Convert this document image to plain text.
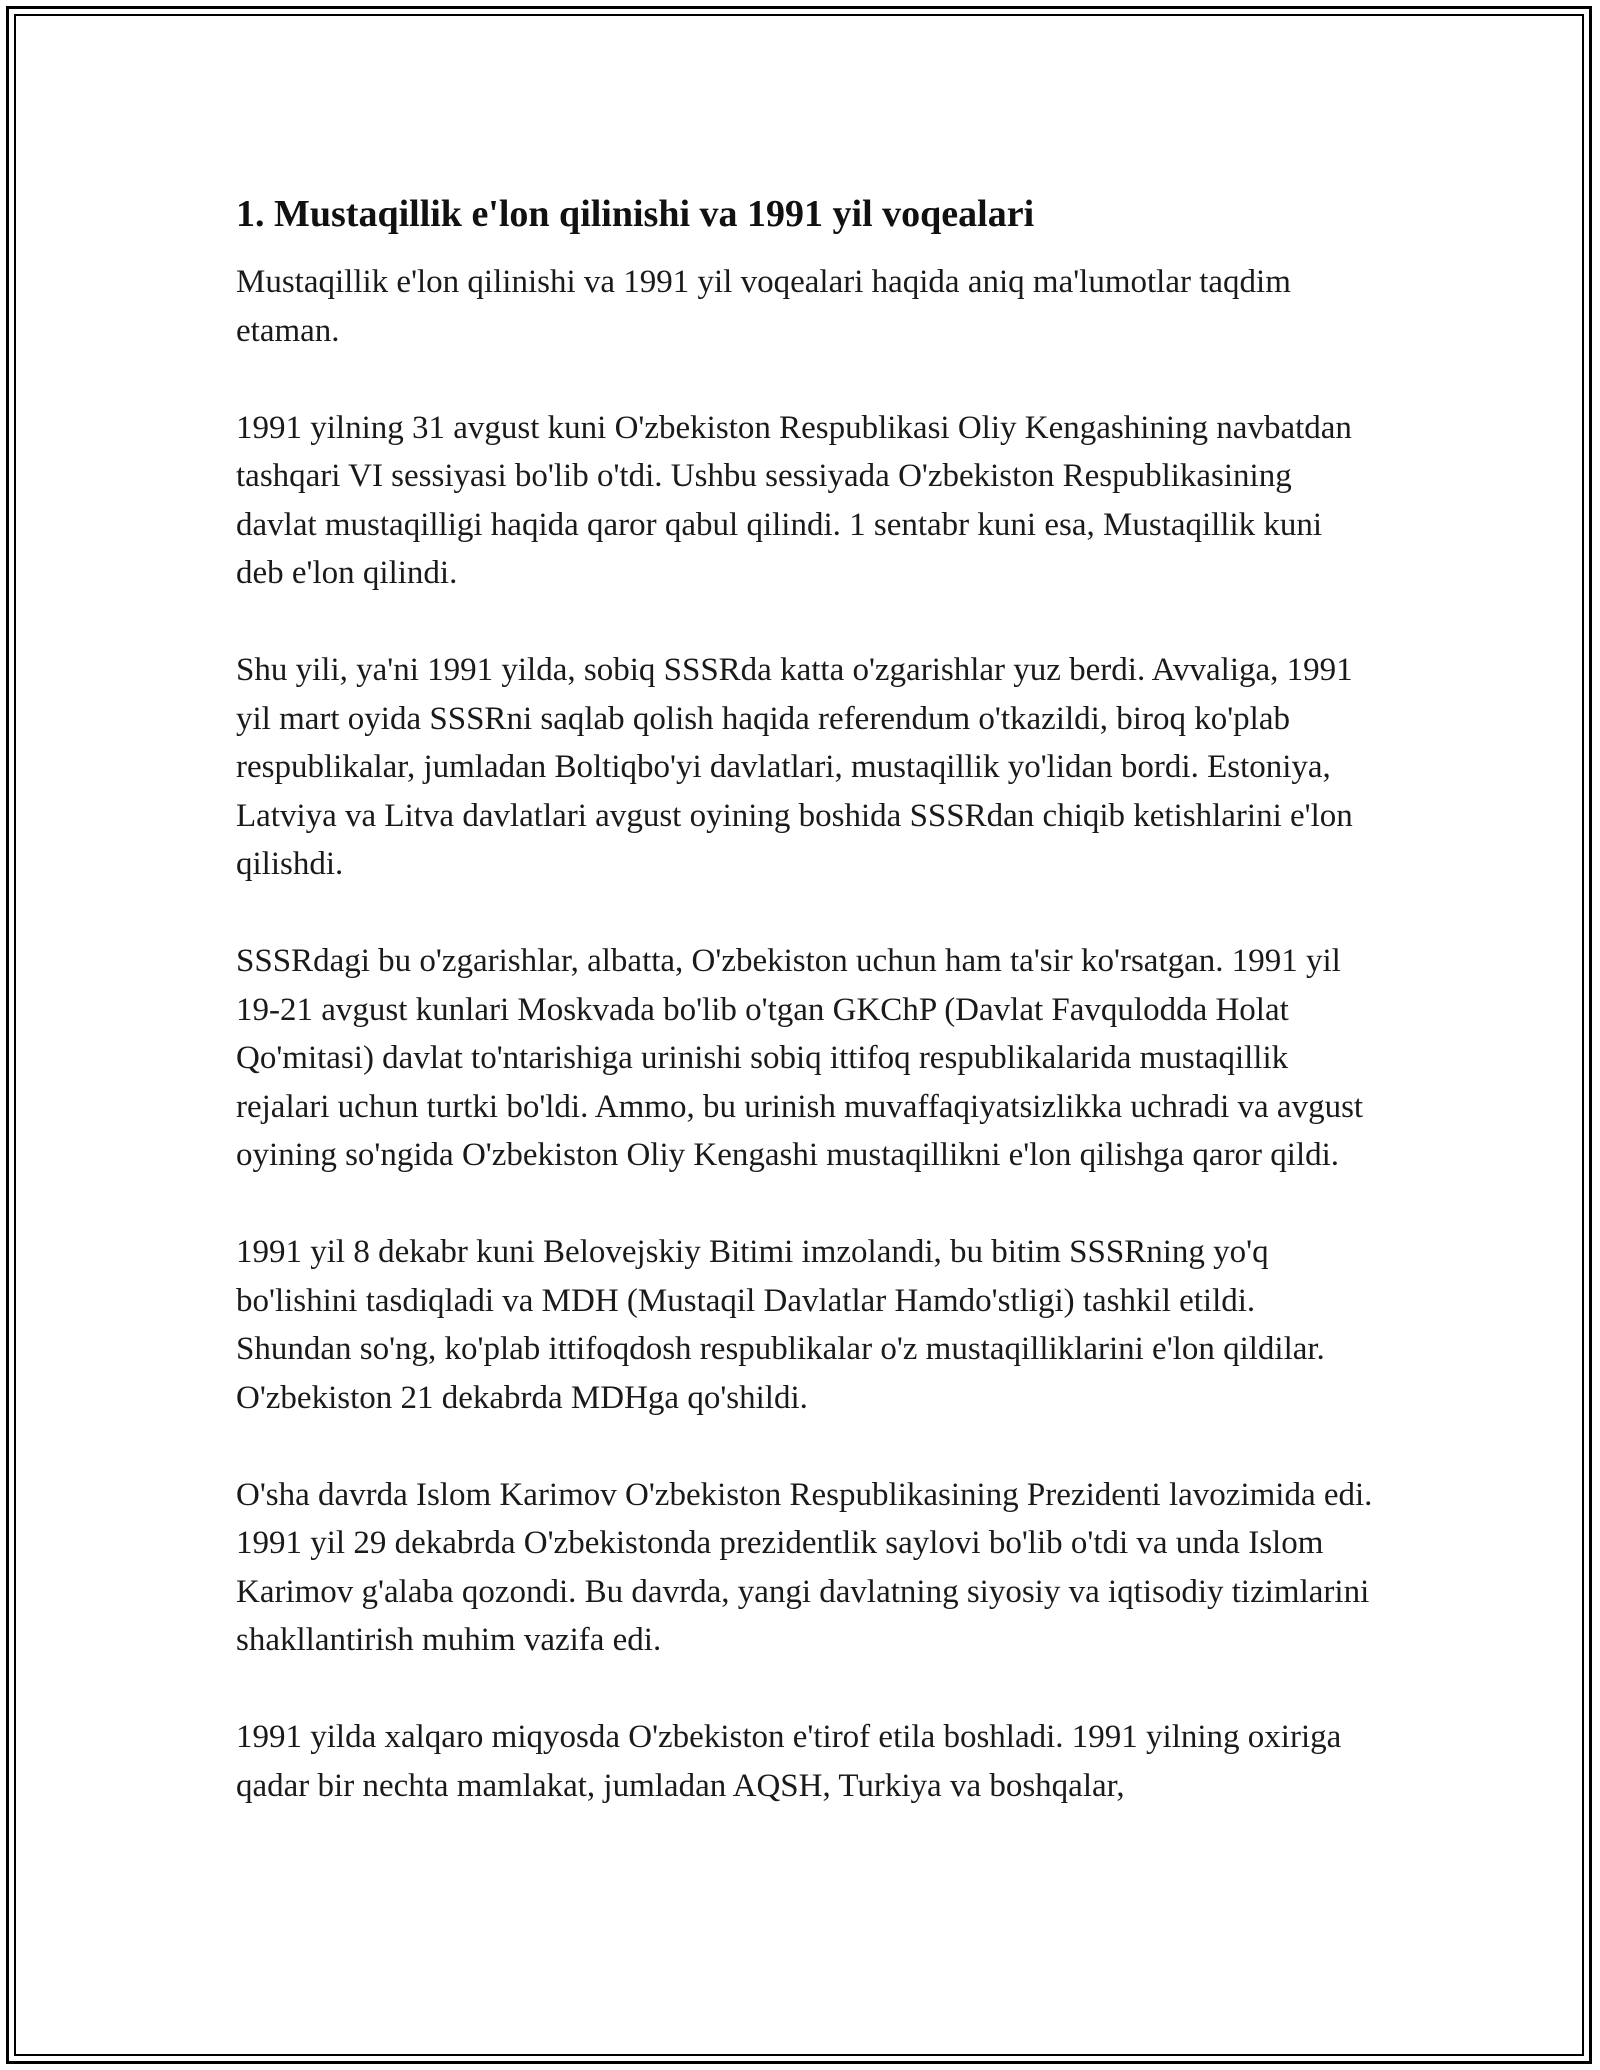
1. Mustaqillik e'lon qilinishi va 1991 yil voqealari

Mustaqillik e'lon qilinishi va 1991 yil voqealari haqida aniq ma'lumotlar taqdim etaman.

1991 yilning 31 avgust kuni O'zbekiston Respublikasi Oliy Kengashining navbatdan tashqari VI sessiyasi bo'lib o'tdi. Ushbu sessiyada O'zbekiston Respublikasining davlat mustaqilligi haqida qaror qabul qilindi. 1 sentabr kuni esa, Mustaqillik kuni deb e'lon qilindi.

Shu yili, ya'ni 1991 yilda, sobiq SSSRda katta o'zgarishlar yuz berdi. Avvaliga, 1991 yil mart oyida SSSRni saqlab qolish haqida referendum o'tkazildi, biroq ko'plab respublikalar, jumladan Boltiqbo'yi davlatlari, mustaqillik yo'lidan bordi. Estoniya, Latviya va Litva davlatlari avgust oyining boshida SSSRdan chiqib ketishlarini e'lon qilishdi.

SSSRdagi bu o'zgarishlar, albatta, O'zbekiston uchun ham ta'sir ko'rsatgan. 1991 yil 19-21 avgust kunlari Moskvada bo'lib o'tgan GKChP (Davlat Favqulodda Holat Qo'mitasi) davlat to'ntarishiga urinishi sobiq ittifoq respublikalarida mustaqillik rejalari uchun turtki bo'ldi. Ammo, bu urinish muvaffaqiyatsizlikka uchradi va avgust oyining so'ngida O'zbekiston Oliy Kengashi mustaqillikni e'lon qilishga qaror qildi.

1991 yil 8 dekabr kuni Belovejskiy Bitimi imzolandi, bu bitim SSSRning yo'q bo'lishini tasdiqladi va MDH (Mustaqil Davlatlar Hamdo'stligi) tashkil etildi. Shundan so'ng, ko'plab ittifoqdosh respublikalar o'z mustaqilliklarini e'lon qildilar. O'zbekiston 21 dekabrda MDHga qo'shildi.

O'sha davrda Islom Karimov O'zbekiston Respublikasining Prezidenti lavozimida edi. 1991 yil 29 dekabrda O'zbekistonda prezidentlik saylovi bo'lib o'tdi va unda Islom Karimov g'alaba qozondi. Bu davrda, yangi davlatning siyosiy va iqtisodiy tizimlarini shakllantirish muhim vazifa edi.

1991 yilda xalqaro miqyosda O'zbekiston e'tirof etila boshladi. 1991 yilning oxiriga qadar bir nechta mamlakat, jumladan AQSH, Turkiya va boshqalar,
